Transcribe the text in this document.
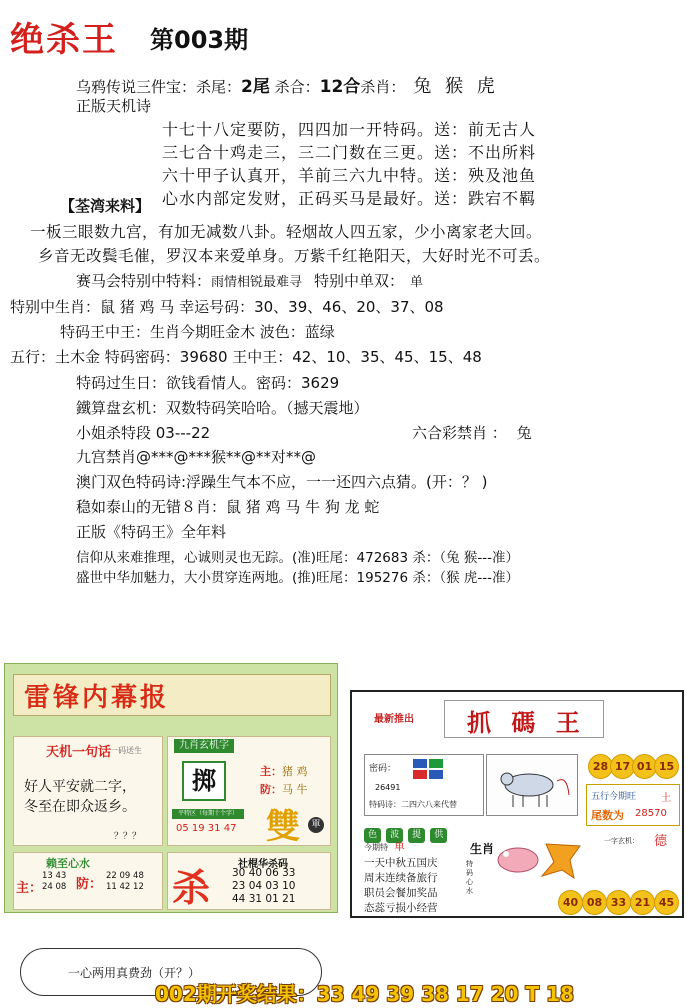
绝杀王 第003期
乌鸦传说三件宝：杀尾：2尾 杀合：12合杀肖： 兔 猴 虎
正版天机诗
十七十八定要防，四四加一开特码。送：前无古人
三七合十鸡走三，三二门数在三更。送：不出所料
六十甲子认真开，羊前三六九中特。送：殃及池鱼
心水内部定发财，正码买马是最好。送：跌宕不羁
【荃湾来料】
一板三眼数九宫，有加无减数八卦。轻烟故人四五家，少小离家老大回。
乡音无改鬓毛催，罗汉本来爱单身。万紫千红艳阳天，大好时光不可丢。
赛马会特别中特料：雨情相锐最难寻 特别中单双： 单
特别中生肖：鼠 猪 鸡 马 幸运号码：30、39、46、20、37、08
特码王中王：生肖今期旺金木 波色：蓝绿
五行：土木金 特码密码：39680 王中王：42、10、35、45、15、48
特码过生日：欲钱看情人。密码：3629
鐵算盘玄机：双数特码笑哈哈。（撼天震地）
小姐杀特段 03---22	六合彩禁肖 ： 兔
九宫禁肖@***@***猴**@**对**@
澳门双色特码诗:浮躁生气本不应，一一还四六点猜。(开：？ )
稳如泰山的无错８肖：鼠 猪 鸡 马 牛 狗 龙 蛇
正版《特码王》全年料
信仰从来难推理，心诚则灵也无踪。(准)旺尾：472683 杀：（兔 猴---准）
盛世中华加魅力，大小贯穿连两地。(推)旺尾：195276 杀：（猴 虎---准）
雷锋内幕报
天机一句话
一码送生
好人平安就二字，
冬至在即众返乡。
？？？
九肖玄机字
掷	主：猪 鸡
防：马 牛
平特区（每期十个字）
05 19 31 47 雙	單
赖至心水
主：
13 43
24 08 防：
22 09 48
11 42 12 杀
社棍华杀码
30 40 06 33
23 04 03 10
44 31 01 21
最新推出 抓 碼 王
密码：
26491
特码诗：二四六八来代替
28 17 01 15
五行今期旺 土
尾数为 28570
色 波 提 供
单
今期特	生肖
一天中秋五国庆
周末连续备旅行
职员会餐加奖品
态蕊亏损小经营
特码心水
一字玄机： 德
40 08 33 21 45
一心两用真费劲（开？）
002期开奖结果：33 49 39 38 17 20 T 18
